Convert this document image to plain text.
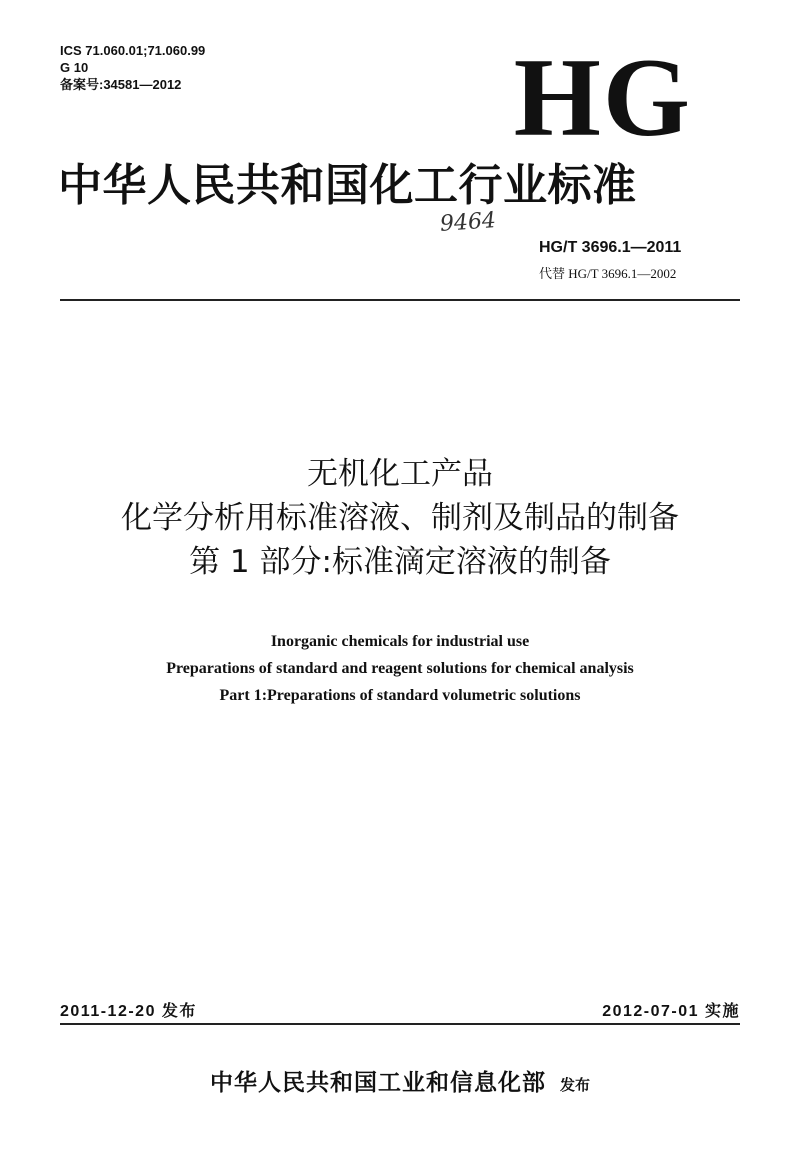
ICS 71.060.01;71.060.99
G 10
备案号:34581—2012	HG
中华人民共和国化工行业标准
9464
HG/T 3696.1—2011
代替 HG/T 3696.1—2002
无机化工产品
化学分析用标准溶液、制剂及制品的制备
第 1 部分:标准滴定溶液的制备
Inorganic chemicals for industrial use
Preparations of standard and reagent solutions for chemical analysis
Part 1:Preparations of standard volumetric solutions
2011-12-20 发布	2012-07-01 实施
中华人民共和国工业和信息化部 发布
